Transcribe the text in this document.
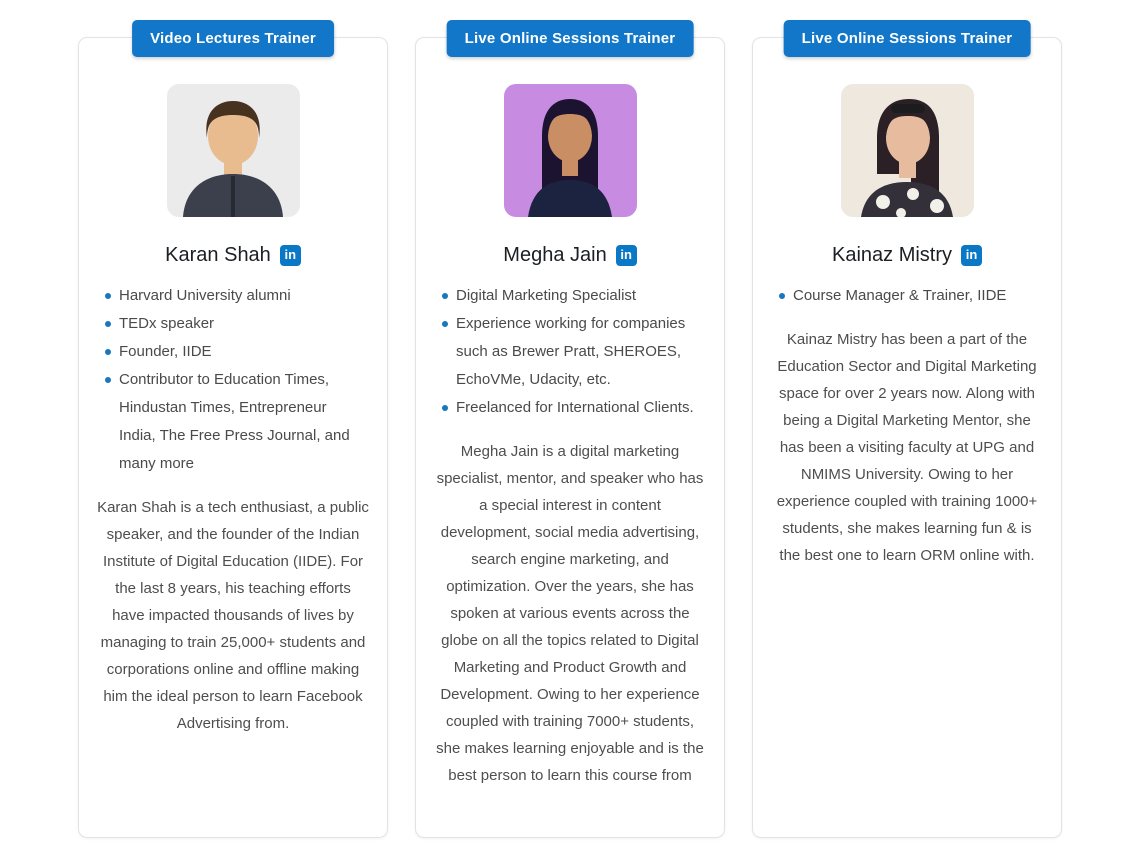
Video Lectures Trainer
Karan Shah	in
Harvard University alumni
TEDx speaker
Founder, IIDE
Contributor to Education Times, Hindustan Times, Entrepreneur India, The Free Press Journal, and many more

Karan Shah is a tech enthusiast, a public speaker, and the founder of the Indian Institute of Digital Education (IIDE). For the last 8 years, his teaching efforts have impacted thousands of lives by managing to train 25,000+ students and corporations online and offline making him the ideal person to learn Facebook Advertising from.

Live Online Sessions Trainer
Megha Jain	in
Digital Marketing Specialist
Experience working for companies such as Brewer Pratt, SHEROES, EchoVMe, Udacity, etc.
Freelanced for International Clients.

Megha Jain is a digital marketing specialist, mentor, and speaker who has a special interest in content development, social media advertising, search engine marketing, and optimization. Over the years, she has spoken at various events across the globe on all the topics related to Digital Marketing and Product Growth and Development. Owing to her experience coupled with training 7000+ students, she makes learning enjoyable and is the best person to learn this course from

Live Online Sessions Trainer
Kainaz Mistry	in
Course Manager & Trainer, IIDE

Kainaz Mistry has been a part of the Education Sector and Digital Marketing space for over 2 years now. Along with being a Digital Marketing Mentor, she has been a visiting faculty at UPG and NMIMS University. Owing to her experience coupled with training 1000+ students, she makes learning fun & is the best one to learn ORM online with.
